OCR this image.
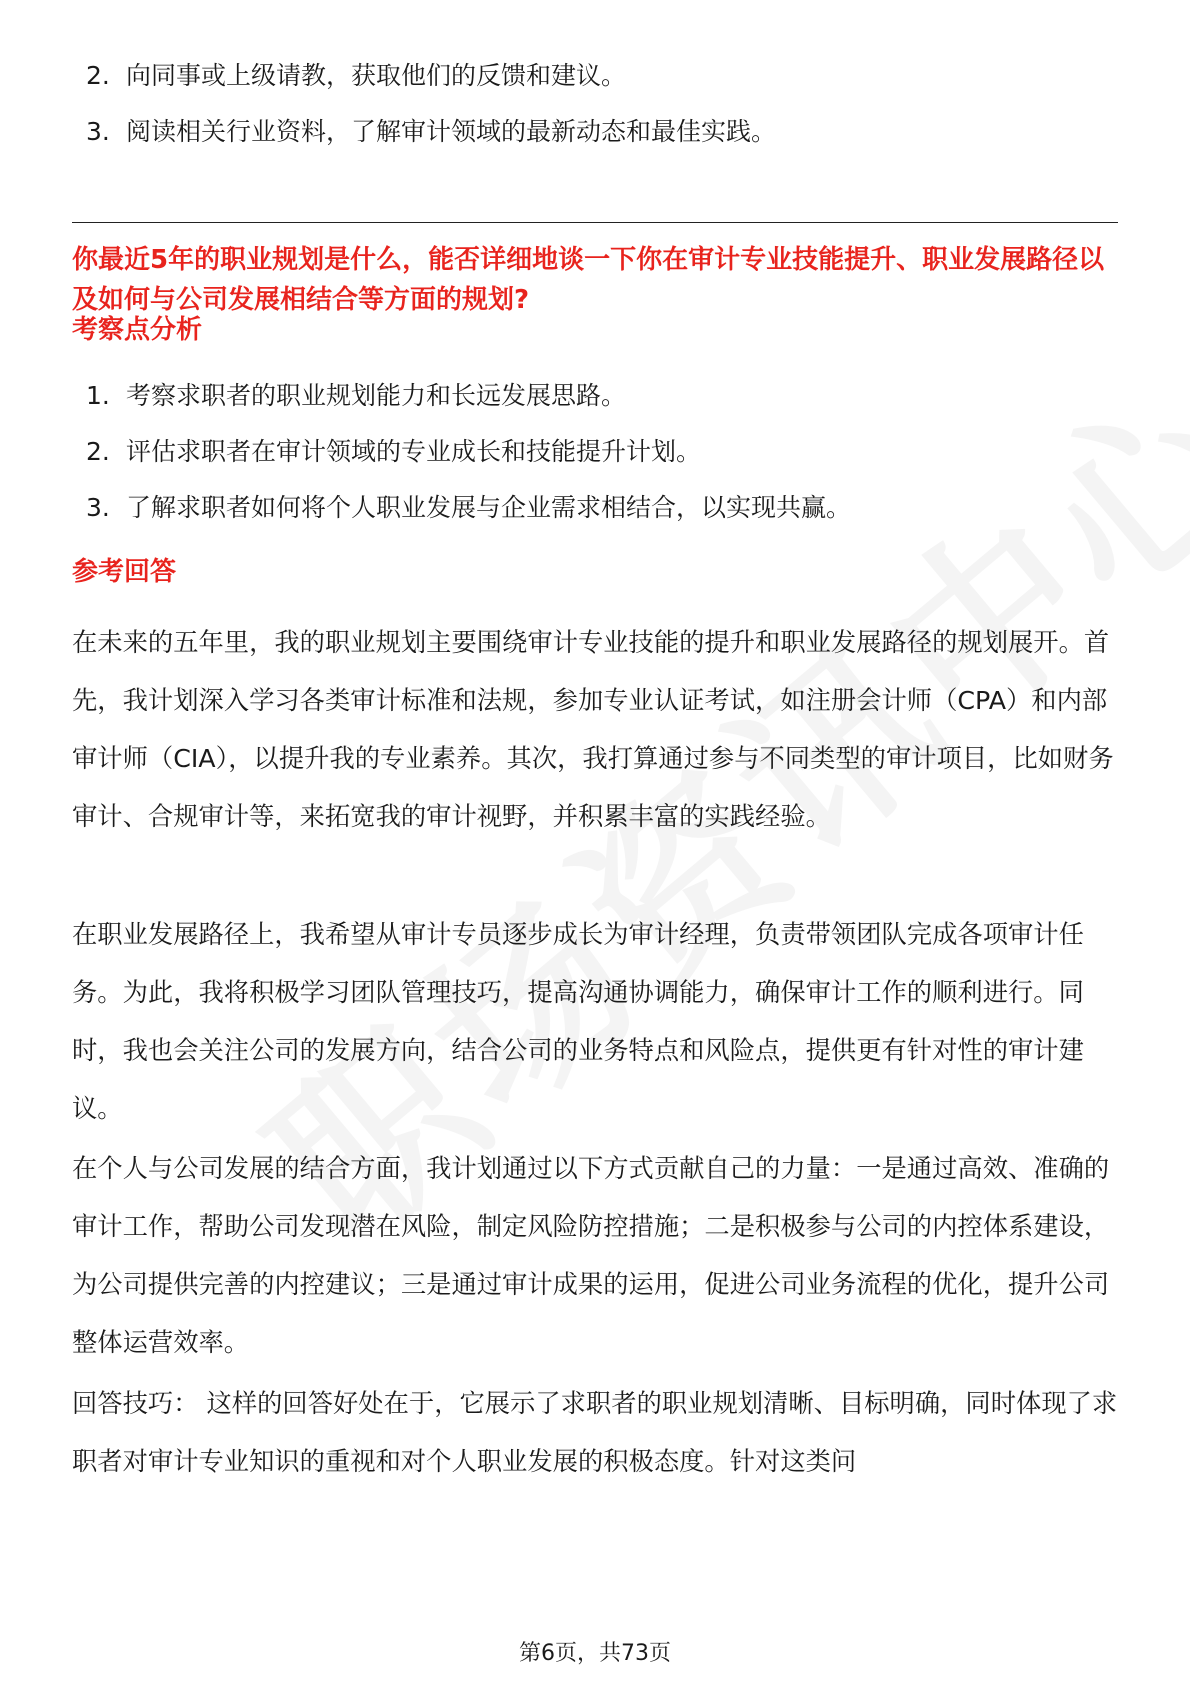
2. 向同事或上级请教，获取他们的反馈和建议。
3. 阅读相关行业资料，了解审计领域的最新动态和最佳实践。

你最近5年的职业规划是什么，能否详细地谈一下你在审计专业技能提升、职业发展路径以及如何与公司发展相结合等方面的规划?

考察点分析

1. 考察求职者的职业规划能力和长远发展思路。
2. 评估求职者在审计领域的专业成长和技能提升计划。
3. 了解求职者如何将个人职业发展与企业需求相结合，以实现共赢。

参考回答

在未来的五年里，我的职业规划主要围绕审计专业技能的提升和职业发展路径的规划展开。首先，我计划深入学习各类审计标准和法规，参加专业认证考试，如注册会计师（CPA）和内部审计师（CIA），以提升我的专业素养。其次，我打算通过参与不同类型的审计项目，比如财务审计、合规审计等，来拓宽我的审计视野，并积累丰富的实践经验。

在职业发展路径上，我希望从审计专员逐步成长为审计经理，负责带领团队完成各项审计任务。为此，我将积极学习团队管理技巧，提高沟通协调能力，确保审计工作的顺利进行。同时，我也会关注公司的发展方向，结合公司的业务特点和风险点，提供更有针对性的审计建议。

在个人与公司发展的结合方面，我计划通过以下方式贡献自己的力量：一是通过高效、准确的审计工作，帮助公司发现潜在风险，制定风险防控措施；二是积极参与公司的内控体系建设，为公司提供完善的内控建议；三是通过审计成果的运用，促进公司业务流程的优化，提升公司整体运营效率。

回答技巧： 这样的回答好处在于，它展示了求职者的职业规划清晰、目标明确，同时体现了求职者对审计专业知识的重视和对个人职业发展的积极态度。针对这类问

第6页，共73页
